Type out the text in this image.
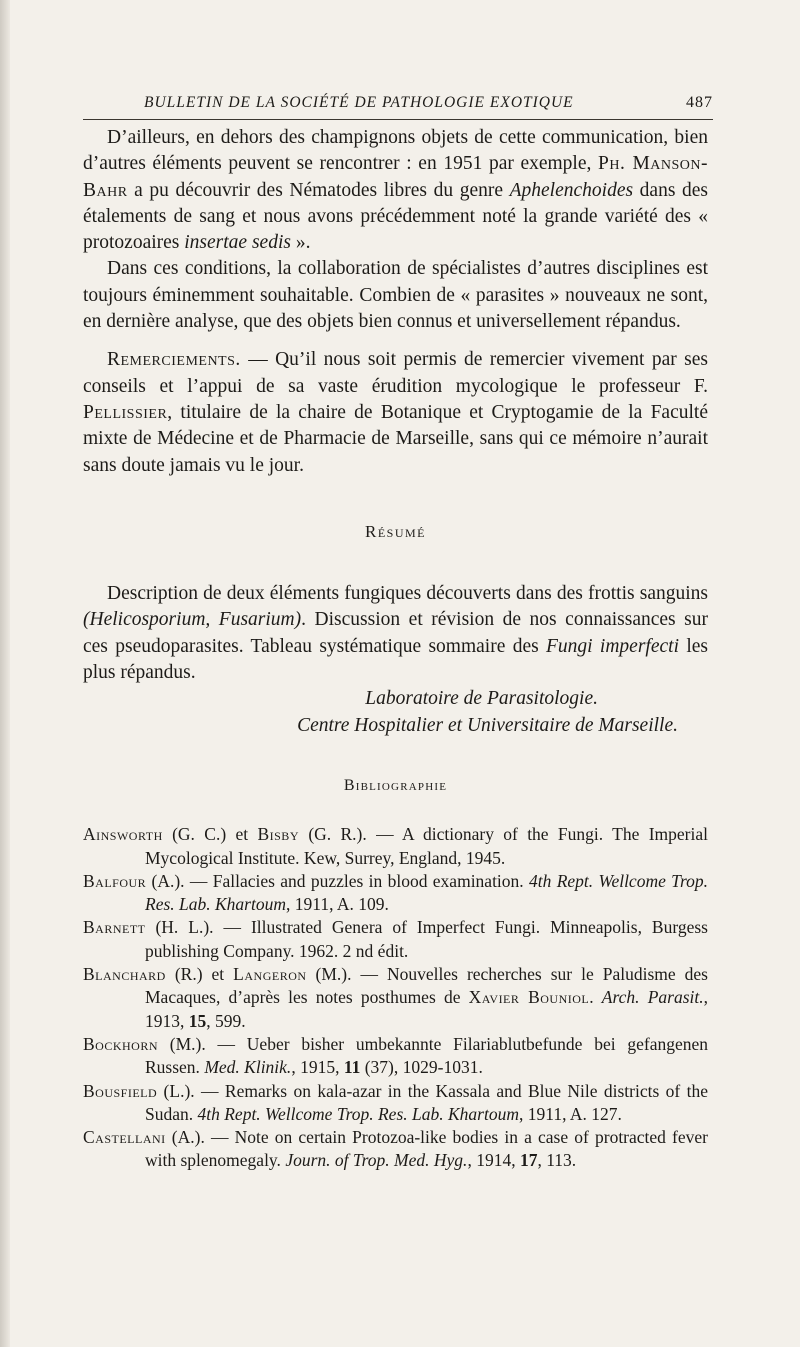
BULLETIN DE LA SOCIÉTÉ DE PATHOLOGIE EXOTIQUE	487

D’ailleurs, en dehors des champignons objets de cette communication, bien d’autres éléments peuvent se rencontrer : en 1951 par exemple, Ph. Manson-Bahr a pu découvrir des Nématodes libres du genre Aphelenchoides dans des étalements de sang et nous avons précédemment noté la grande variété des « protozoaires insertae sedis ».

Dans ces conditions, la collaboration de spécialistes d’autres disciplines est toujours éminemment souhaitable. Combien de « parasites » nouveaux ne sont, en dernière analyse, que des objets bien connus et universellement répandus.

Remerciements. — Qu’il nous soit permis de remercier vivement par ses conseils et l’appui de sa vaste érudition mycologique le professeur F. Pellissier, titulaire de la chaire de Botanique et Cryptogamie de la Faculté mixte de Médecine et de Pharmacie de Marseille, sans qui ce mémoire n’aurait sans doute jamais vu le jour.

Résumé

Description de deux éléments fungiques découverts dans des frottis sanguins (Helicosporium, Fusarium). Discussion et révision de nos connaissances sur ces pseudoparasites. Tableau systématique sommaire des Fungi imperfecti les plus répandus.

Laboratoire de Parasitologie.

Centre Hospitalier et Universitaire de Marseille.

Bibliographie

Ainsworth (G. C.) et Bisby (G. R.). — A dictionary of the Fungi. The Imperial Mycological Institute. Kew, Surrey, England, 1945.

Balfour (A.). — Fallacies and puzzles in blood examination. 4th Rept. Wellcome Trop. Res. Lab. Khartoum, 1911, A. 109.

Barnett (H. L.). — Illustrated Genera of Imperfect Fungi. Minneapolis, Burgess publishing Company. 1962. 2 nd édit.

Blanchard (R.) et Langeron (M.). — Nouvelles recherches sur le Paludisme des Macaques, d’après les notes posthumes de Xavier Bouniol. Arch. Parasit., 1913, 15, 599.

Bockhorn (M.). — Ueber bisher umbekannte Filariablutbefunde bei gefangenen Russen. Med. Klinik., 1915, 11 (37), 1029-1031.

Bousfield (L.). — Remarks on kala-azar in the Kassala and Blue Nile districts of the Sudan. 4th Rept. Wellcome Trop. Res. Lab. Khartoum, 1911, A. 127.

Castellani (A.). — Note on certain Protozoa-like bodies in a case of protracted fever with splenomegaly. Journ. of Trop. Med. Hyg., 1914, 17, 113.
